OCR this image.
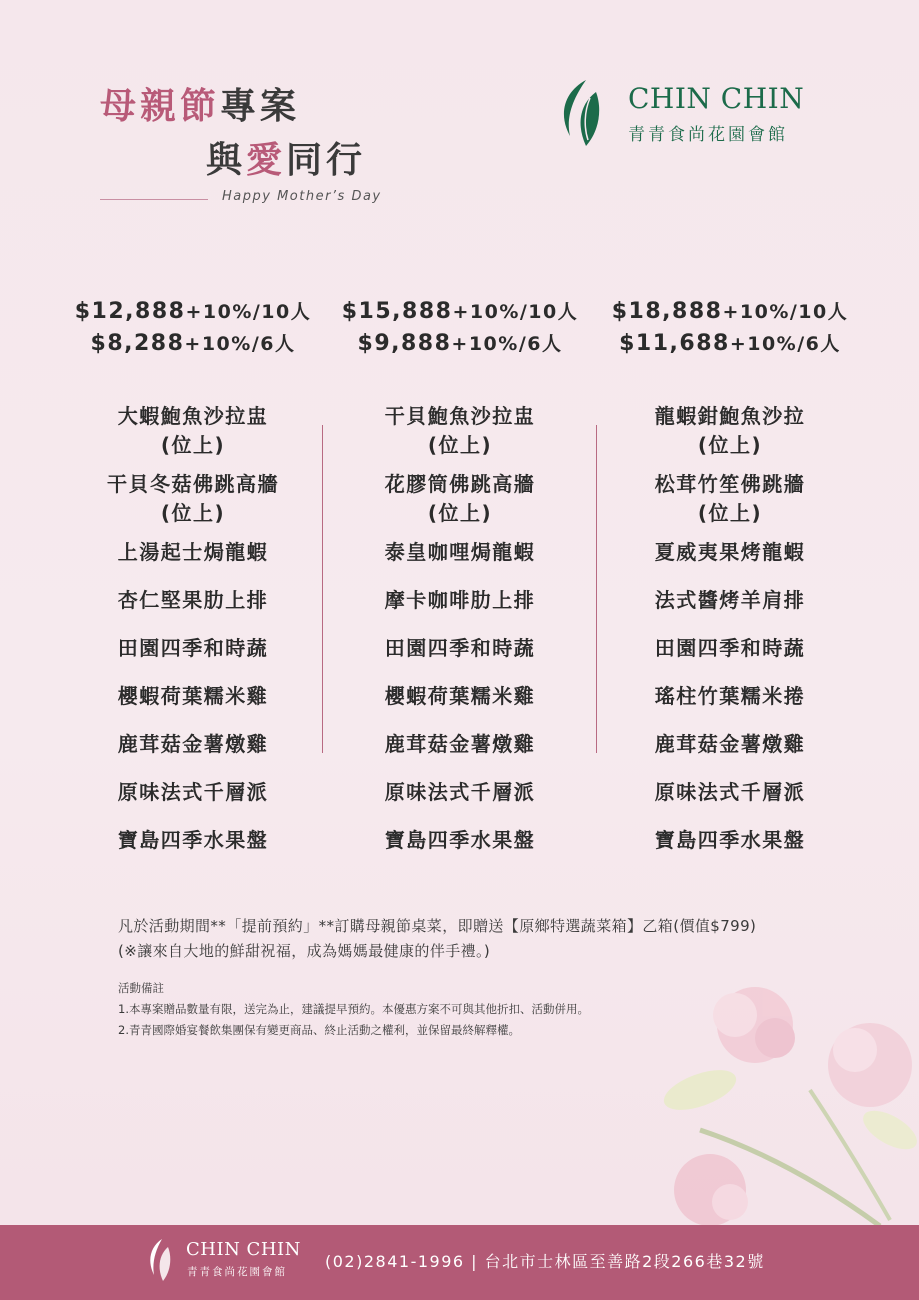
母親節專案
與愛同行
Happy Mother’s Day
CHIN CHIN
青青食尚花園會館
$12,888+10%/10人
$8,288+10%/6人
大蝦鮑魚沙拉盅
(位上)
干貝冬菇佛跳高牆
(位上)
上湯起士焗龍蝦
杏仁堅果肋上排
田園四季和時蔬
櫻蝦荷葉糯米雞
鹿茸菇金薯燉雞
原味法式千層派
寶島四季水果盤
$15,888+10%/10人
$9,888+10%/6人
干貝鮑魚沙拉盅
(位上)
花膠筒佛跳高牆
(位上)
泰皇咖哩焗龍蝦
摩卡咖啡肋上排
田園四季和時蔬
櫻蝦荷葉糯米雞
鹿茸菇金薯燉雞
原味法式千層派
寶島四季水果盤
$18,888+10%/10人
$11,688+10%/6人
龍蝦鉗鮑魚沙拉
(位上)
松茸竹笙佛跳牆
(位上)
夏威夷果烤龍蝦
法式醬烤羊肩排
田園四季和時蔬
瑤柱竹葉糯米捲
鹿茸菇金薯燉雞
原味法式千層派
寶島四季水果盤
凡於活動期間**「提前預約」**訂購母親節桌菜，即贈送【原鄉特選蔬菜箱】乙箱(價值$799)
(※讓來自大地的鮮甜祝福，成為媽媽最健康的伴手禮。)
活動備註
1.本專案贈品數量有限，送完為止，建議提早預約。本優惠方案不可與其他折扣、活動併用。
2.青青國際婚宴餐飲集團保有變更商品、終止活動之權利，並保留最終解釋權。
CHIN CHIN
青青食尚花園會館
(02)2841-1996 | 台北市士林區至善路2段266巷32號
